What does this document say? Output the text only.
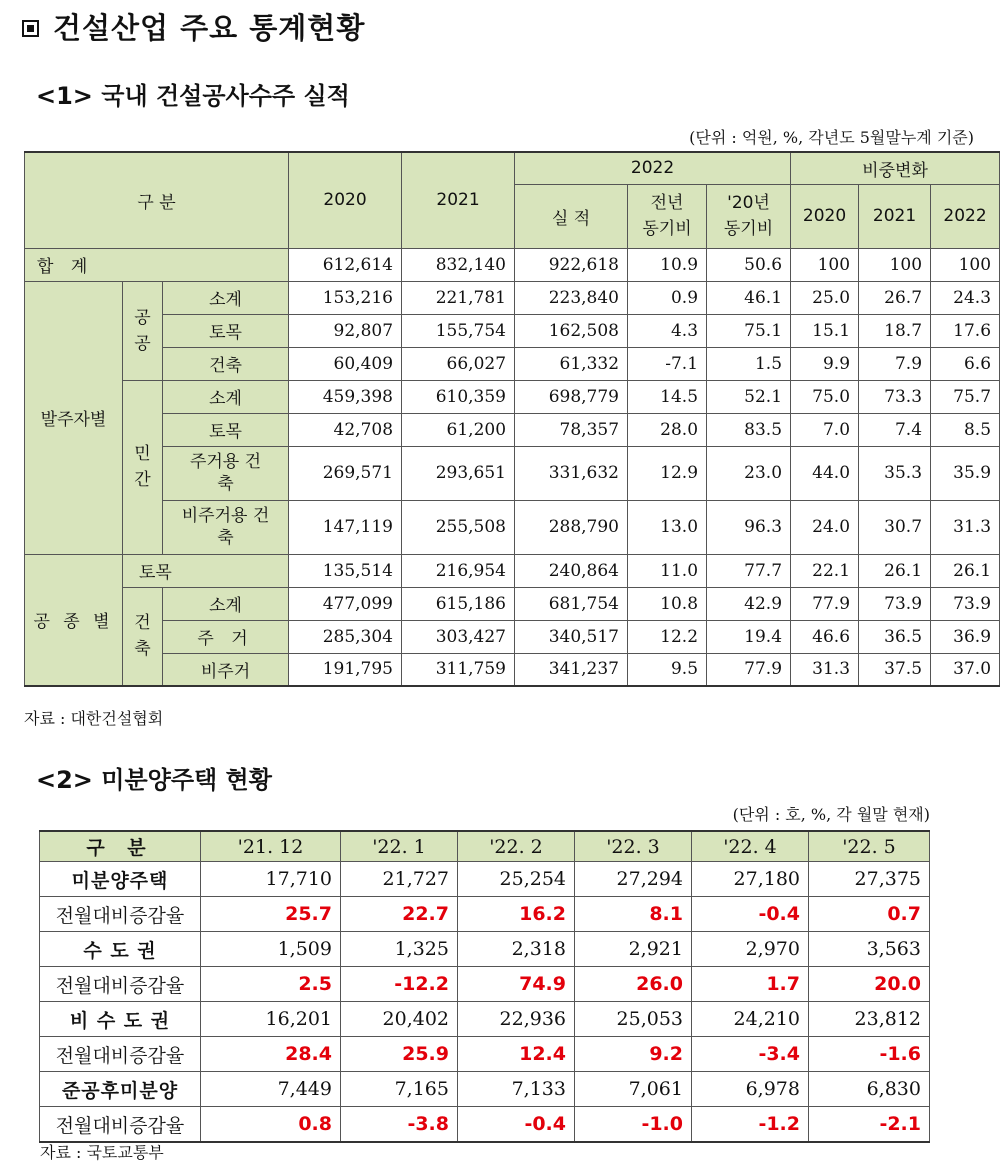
건설산업 주요 통계현황
<1> 국내 건설공사수주 실적
(단위 : 억원, %, 각년도 5월말누계 기준)
구 분			2020	2021	2022			비중변화		
					실 적	전년 동기비	'20년 동기비	2020	2021	2022

합 계			612,614	832,140	922,618	10.9	50.6	100	100	100
발주자별	공 공	소계	153,216	221,781	223,840	0.9	46.1	25.0	26.7	24.3
		토목	92,807	155,754	162,508	4.3	75.1	15.1	18.7	17.6
		건축	60,409	66,027	61,332	-7.1	1.5	9.9	7.9	6.6
	민 간	소계	459,398	610,359	698,779	14.5	52.1	75.0	73.3	75.7
		토목	42,708	61,200	78,357	28.0	83.5	7.0	7.4	8.5
		주거용 건축	269,571	293,651	331,632	12.9	23.0	44.0	35.3	35.9
		비주거용 건축	147,119	255,508	288,790	13.0	96.3	24.0	30.7	31.3
공 종 별	토목		135,514	216,954	240,864	11.0	77.7	22.1	26.1	26.1
	건 축	소계	477,099	615,186	681,754	10.8	42.9	77.9	73.9	73.9
		주 거	285,304	303,427	340,517	12.2	19.4	46.6	36.5	36.9
		비주거	191,795	311,759	341,237	9.5	77.9	31.3	37.5	37.0
자료 : 대한건설협회
<2> 미분양주택 현황
(단위 : 호, %, 각 월말 현재)
구 분	'21. 12	'22. 1	'22. 2	'22. 3	'22. 4	'22. 5
미분양주택	17,710	21,727	25,254	27,294	27,180	27,375
전월대비증감율	25.7	22.7	16.2	8.1	-0.4	0.7
수 도 권	1,509	1,325	2,318	2,921	2,970	3,563
전월대비증감율	2.5	-12.2	74.9	26.0	1.7	20.0
비 수 도 권	16,201	20,402	22,936	25,053	24,210	23,812
전월대비증감율	28.4	25.9	12.4	9.2	-3.4	-1.6
준공후미분양	7,449	7,165	7,133	7,061	6,978	6,830
전월대비증감율	0.8	-3.8	-0.4	-1.0	-1.2	-2.1
자료 : 국토교통부
